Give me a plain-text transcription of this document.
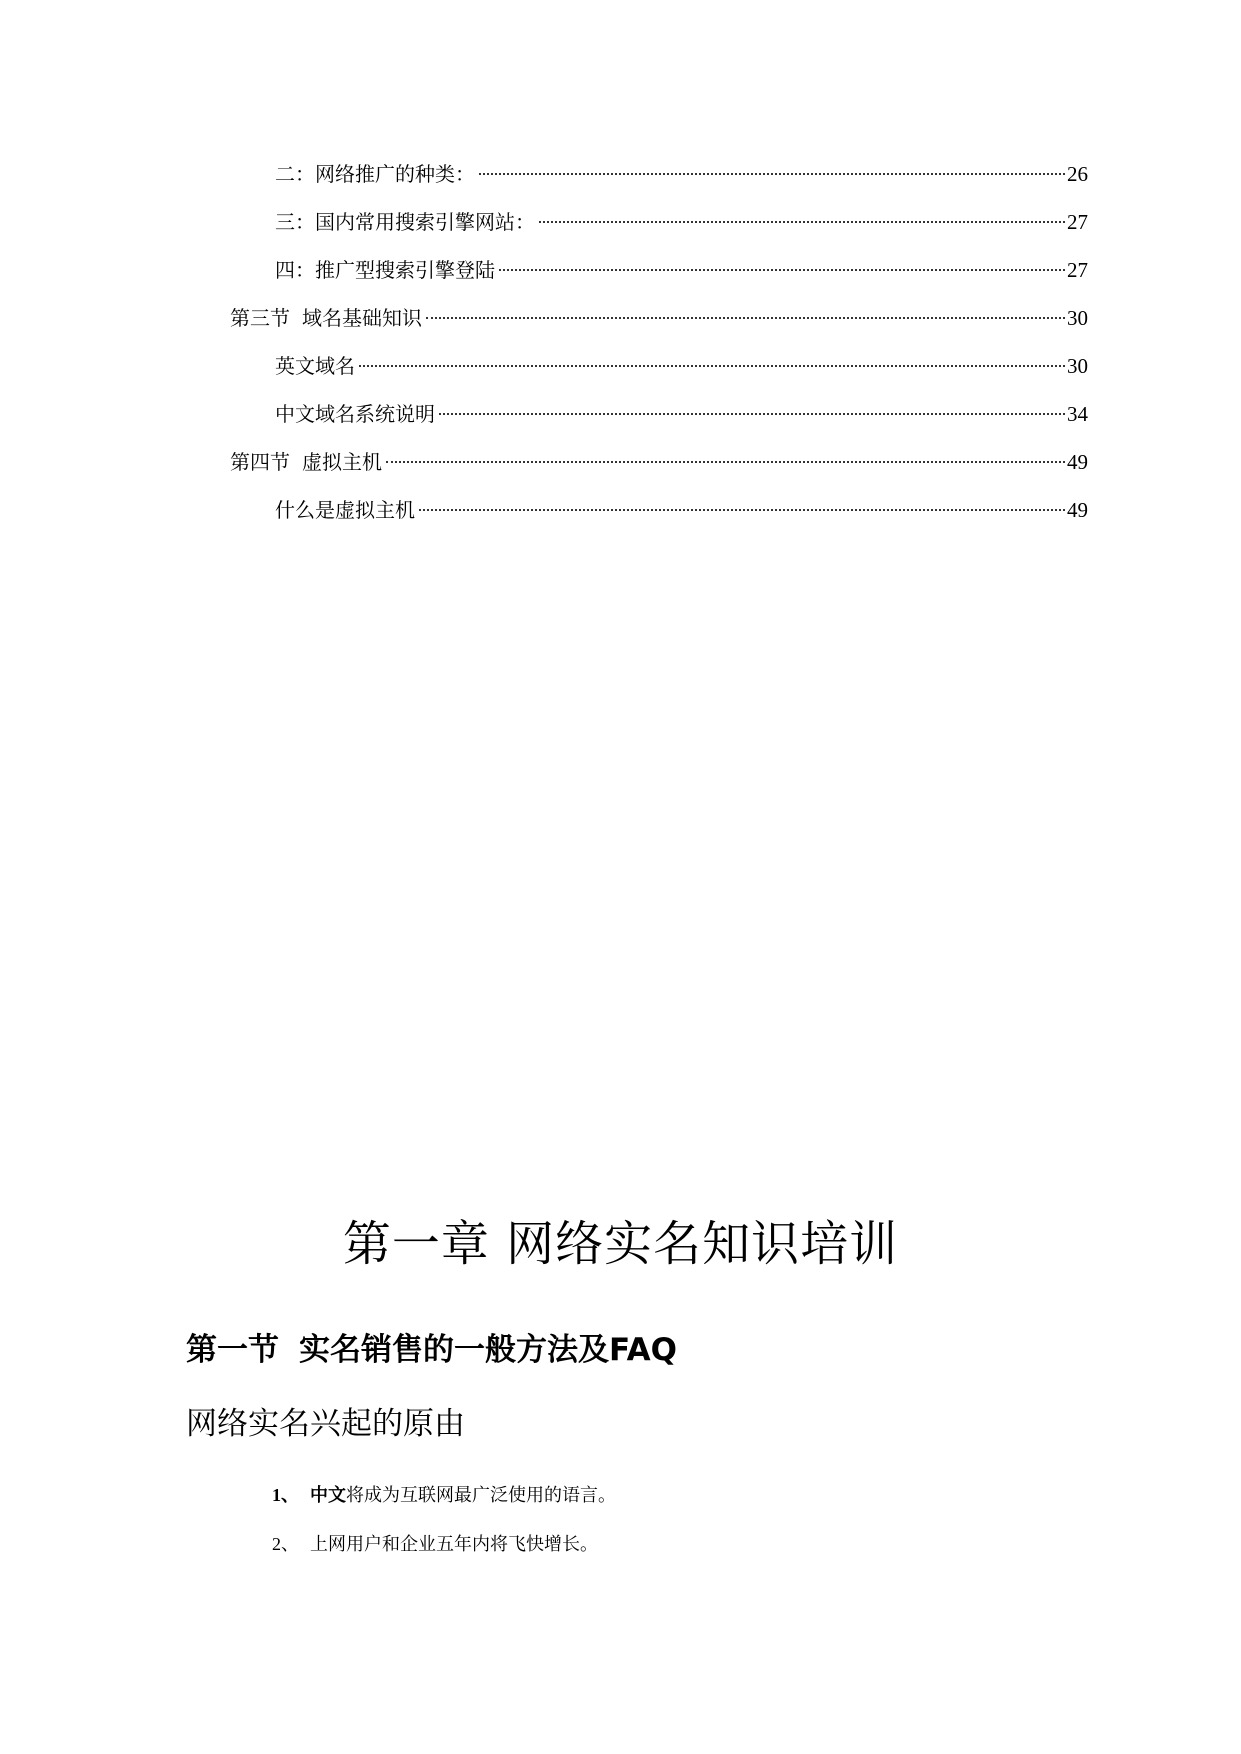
二：网络推广的种类：	26
三：国内常用搜索引擎网站：	27
四：推广型搜索引擎登陆	27
第三节 域名基础知识	30
英文域名	30
中文域名系统说明	34
第四节 虚拟主机	49
什么是虚拟主机	49
第一章 网络实名知识培训
第一节 实名销售的一般方法及FAQ
网络实名兴起的原由
1、 中文将成为互联网最广泛使用的语言。
2、 上网用户和企业五年内将飞快增长。
